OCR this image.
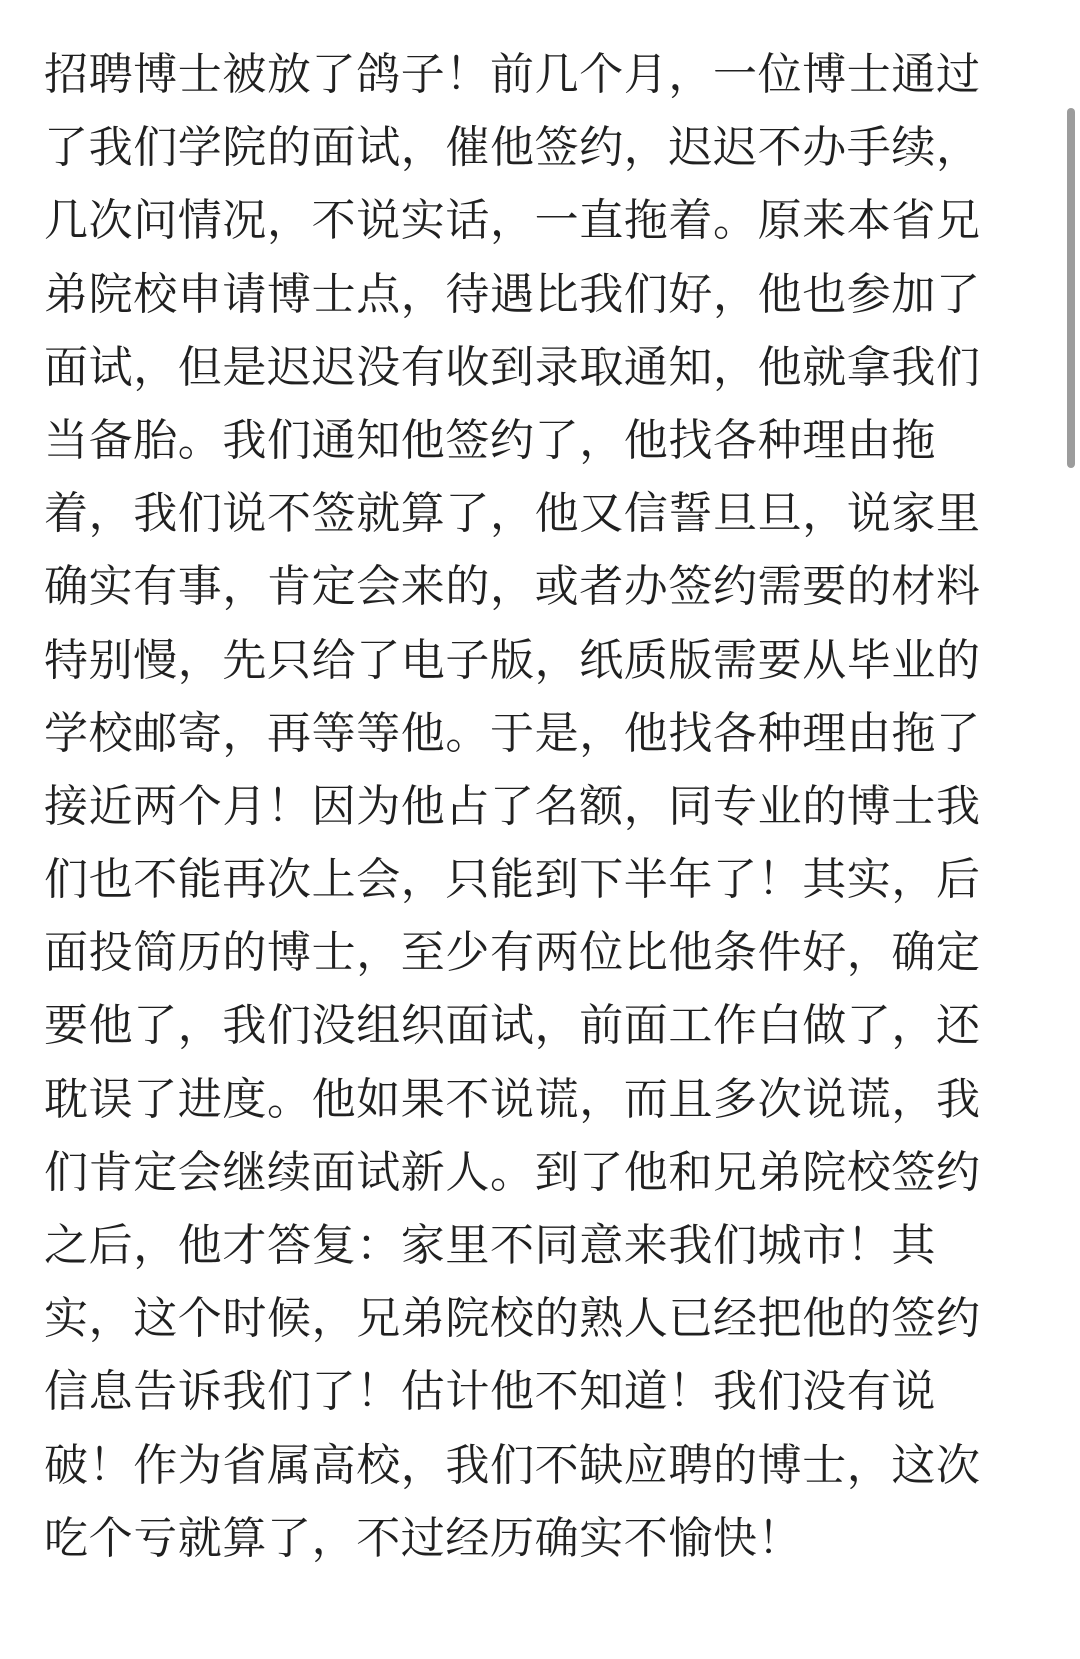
招聘博士被放了鸽子！前几个月，一位博士通过
了我们学院的面试，催他签约，迟迟不办手续，
几次问情况，不说实话，一直拖着。原来本省兄
弟院校申请博士点，待遇比我们好，他也参加了
面试，但是迟迟没有收到录取通知，他就拿我们
当备胎。我们通知他签约了，他找各种理由拖
着，我们说不签就算了，他又信誓旦旦，说家里
确实有事，肯定会来的，或者办签约需要的材料
特别慢，先只给了电子版，纸质版需要从毕业的
学校邮寄，再等等他。于是，他找各种理由拖了
接近两个月！因为他占了名额，同专业的博士我
们也不能再次上会，只能到下半年了！其实，后
面投简历的博士，至少有两位比他条件好，确定
要他了，我们没组织面试，前面工作白做了，还
耽误了进度。他如果不说谎，而且多次说谎，我
们肯定会继续面试新人。到了他和兄弟院校签约
之后，他才答复：家里不同意来我们城市！其
实，这个时候，兄弟院校的熟人已经把他的签约
信息告诉我们了！估计他不知道！我们没有说
破！作为省属高校，我们不缺应聘的博士，这次
吃个亏就算了，不过经历确实不愉快！
